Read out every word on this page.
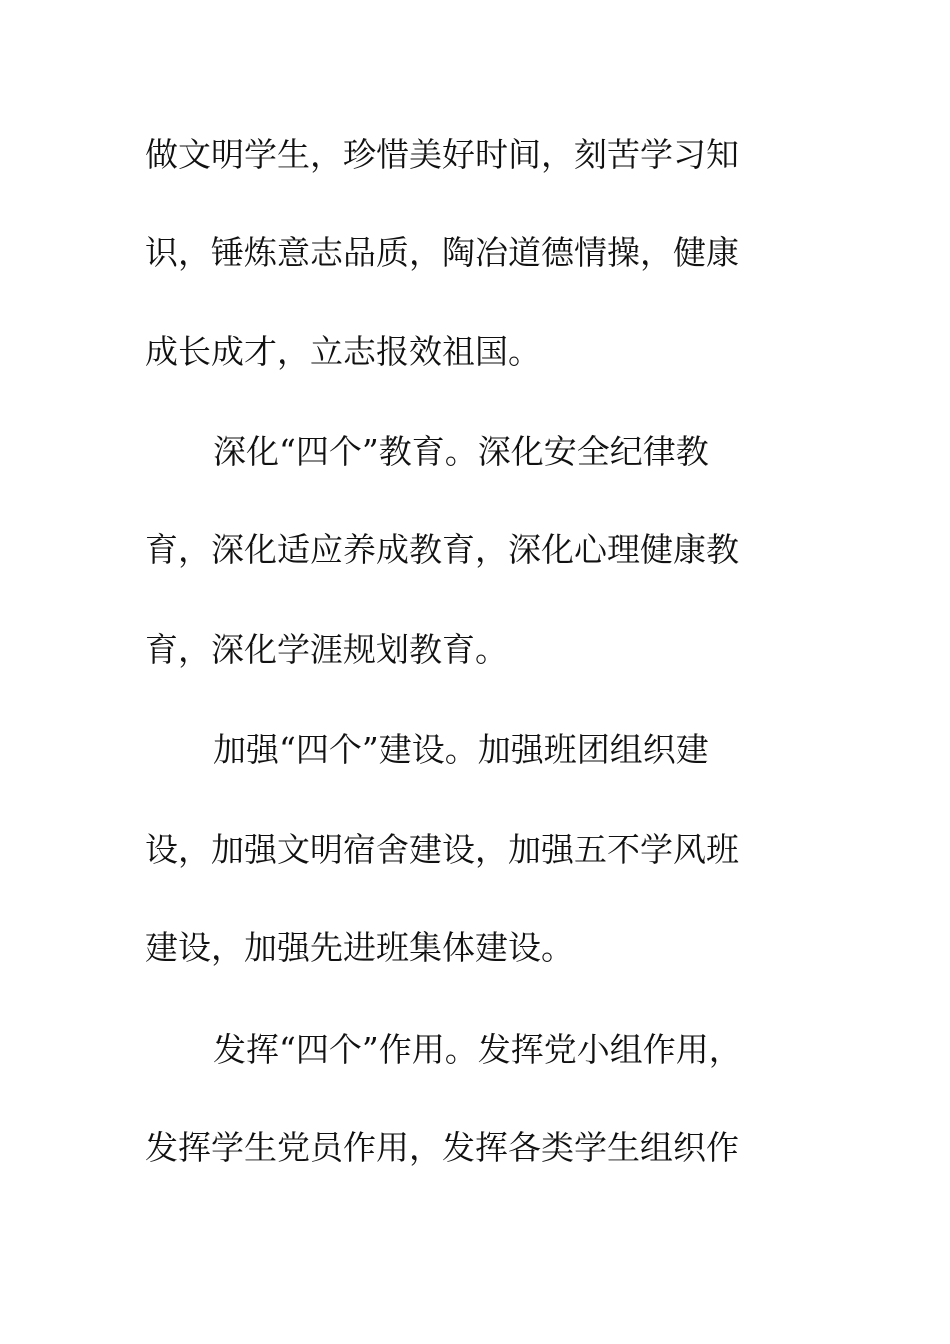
做文明学生，珍惜美好时间，刻苦学习知
识，锤炼意志品质，陶冶道德情操，健康
成长成才，立志报效祖国。
深化“四个”教育。深化安全纪律教
育，深化适应养成教育，深化心理健康教
育，深化学涯规划教育。
加强“四个”建设。加强班团组织建
设，加强文明宿舍建设，加强五不学风班
建设，加强先进班集体建设。
发挥“四个”作用。发挥党小组作用，
发挥学生党员作用，发挥各类学生组织作
